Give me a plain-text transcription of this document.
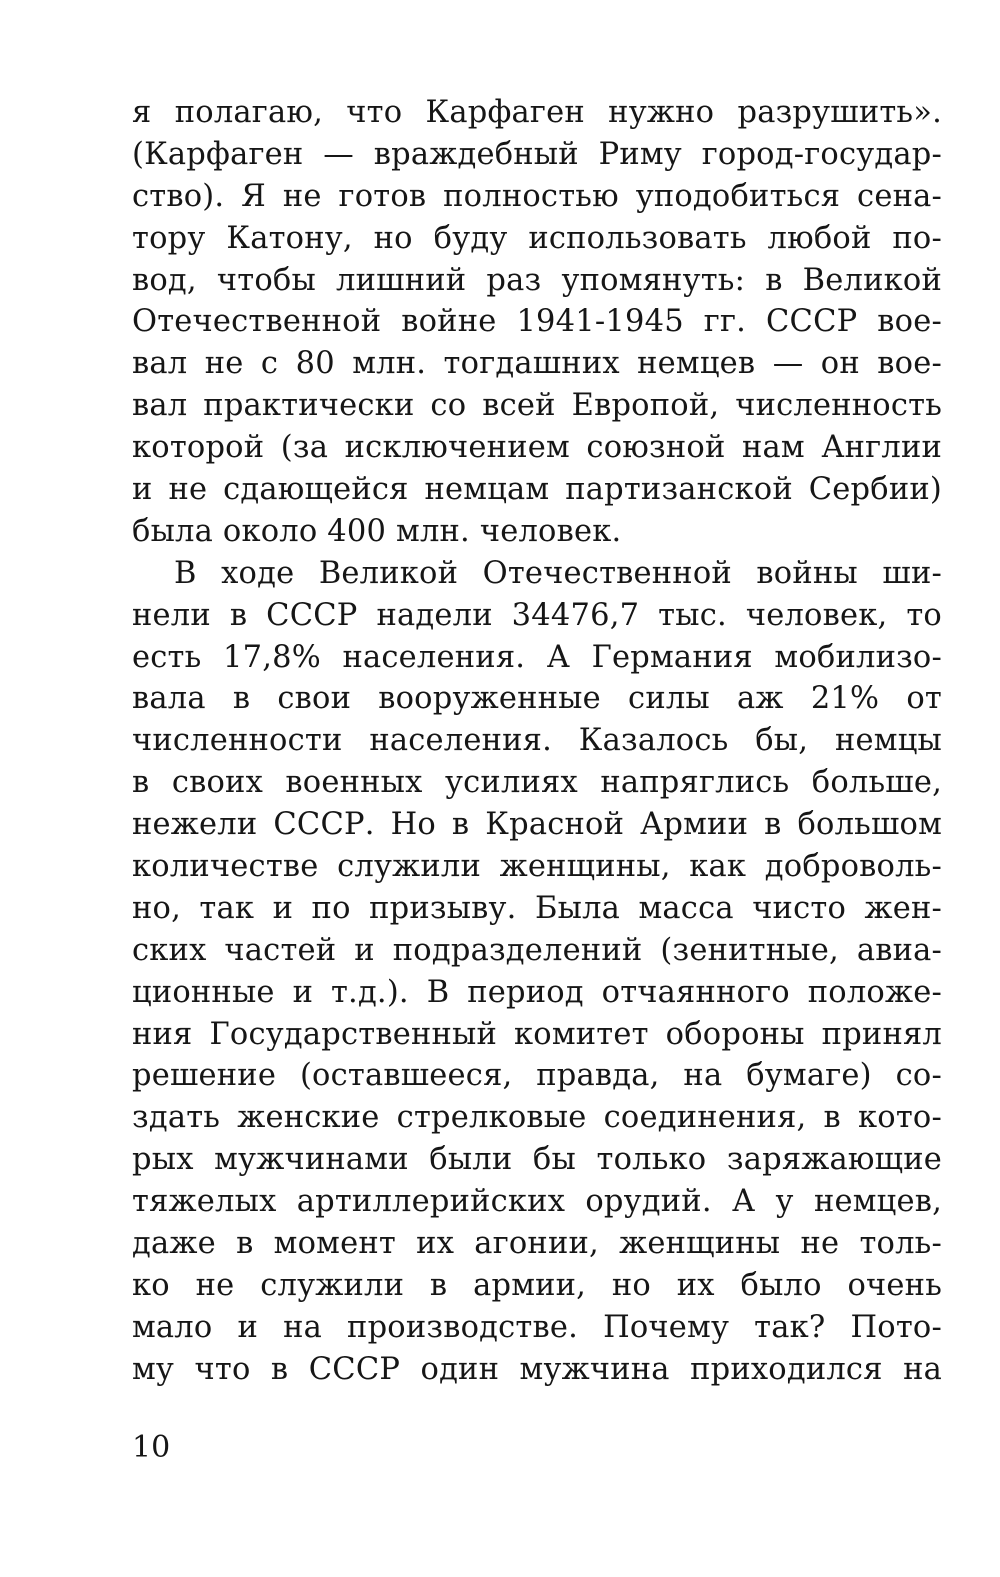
я полагаю, что Карфаген нужно разрушить».
(Карфаген — враждебный Риму город-государ-
ство). Я не готов полностью уподобиться сена-
тору Катону, но буду использовать любой по-
вод, чтобы лишний раз упомянуть: в Великой
Отечественной войне 1941-1945 гг. СССР вое-
вал не с 80 млн. тогдашних немцев — он вое-
вал практически со всей Европой, численность
которой (за исключением союзной нам Англии
и не сдающейся немцам партизанской Сербии)
была около 400 млн. человек.
В ходе Великой Отечественной войны ши-
нели в СССР надели 34476,7 тыс. человек, то
есть 17,8% населения. А Германия мобилизо-
вала в свои вооруженные силы аж 21% от
численности населения. Казалось бы, немцы
в своих военных усилиях напряглись больше,
нежели СССР. Но в Красной Армии в большом
количестве служили женщины, как доброволь-
но, так и по призыву. Была масса чисто жен-
ских частей и подразделений (зенитные, авиа-
ционные и т.д.). В период отчаянного положе-
ния Государственный комитет обороны принял
решение (оставшееся, правда, на бумаге) со-
здать женские стрелковые соединения, в кото-
рых мужчинами были бы только заряжающие
тяжелых артиллерийских орудий. А у немцев,
даже в момент их агонии, женщины не толь-
ко не служили в армии, но их было очень
мало и на производстве. Почему так? Пото-
му что в СССР один мужчина приходился на
10
